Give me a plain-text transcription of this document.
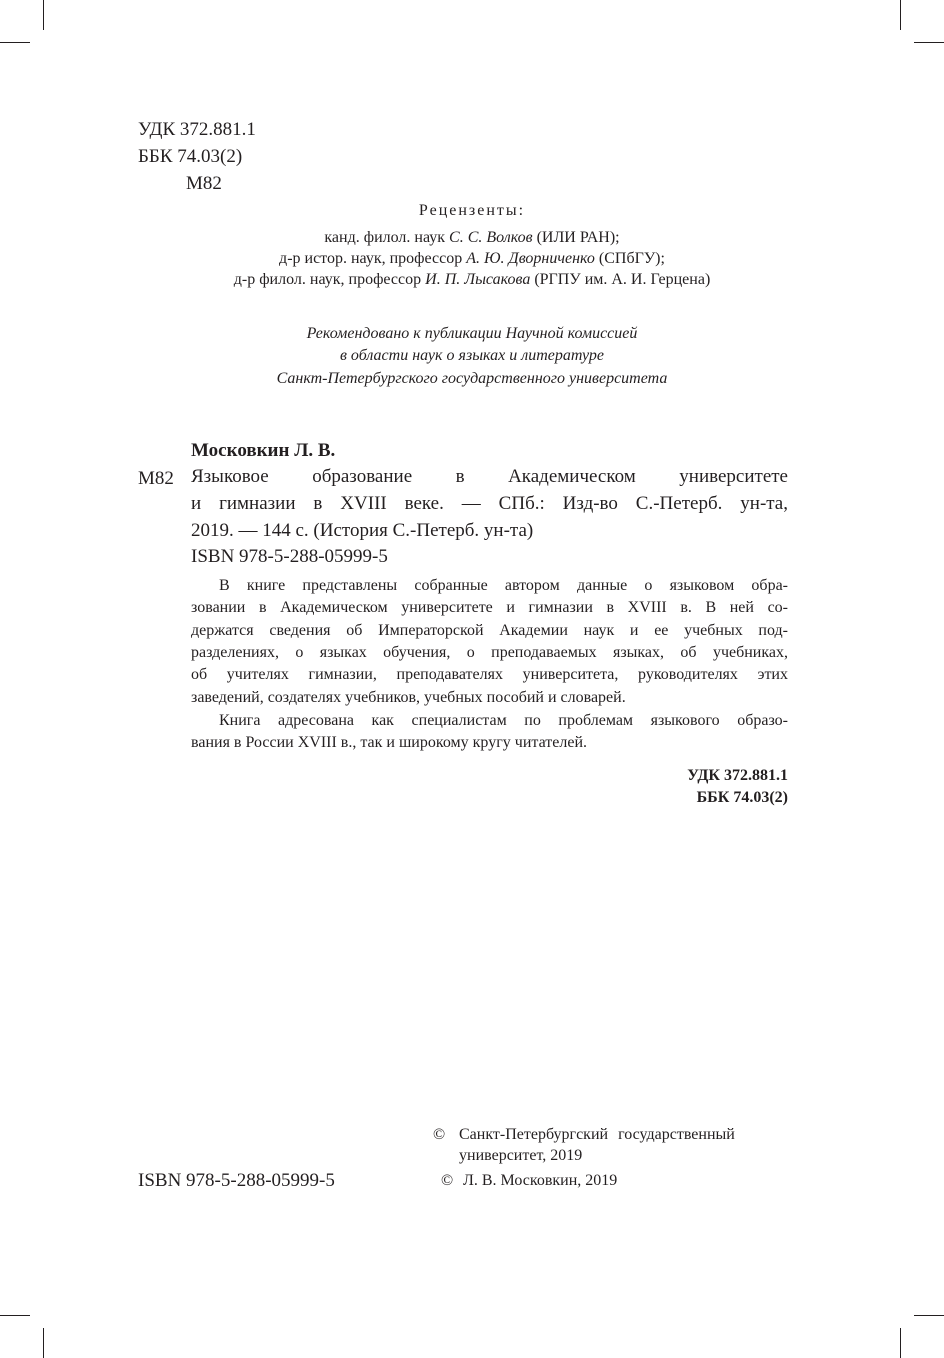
УДК 372.881.1
ББК 74.03(2)
М82
Рецензенты:
канд. филол. наук С. С. Волков (ИЛИ РАН);
д-р истор. наук, профессор А. Ю. Дворниченко (СПбГУ);
д-р филол. наук, профессор И. П. Лысакова (РГПУ им. А. И. Герцена)
Рекомендовано к публикации Научной комиссией
в области наук о языках и литературе
Санкт-Петербургского государственного университета
Московкин Л. В.
М82 Языковое образование в Академическом университете
и гимназии в XVIII веке. — СПб.: Изд-во С.-Петерб. ун-та,
2019. — 144 с. (История С.-Петерб. ун-та)
ISBN 978-5-288-05999-5
В книге представлены собранные автором данные о языковом обра-
зовании в Академическом университете и гимназии в XVIII в. В ней со-
держатся сведения об Императорской Академии наук и ее учебных под-
разделениях, о языках обучения, о преподаваемых языках, об учебниках,
об учителях гимназии, преподавателях университета, руководителях этих
заведений, создателях учебников, учебных пособий и словарей.
Книга адресована как специалистам по проблемам языкового образо-
вания в России XVIII в., так и широкому кругу читателей.
УДК 372.881.1
ББК 74.03(2)
ISBN 978-5-288-05999-5
© Санкт-Петербургский государственный
университет, 2019
© Л. В. Московкин, 2019
